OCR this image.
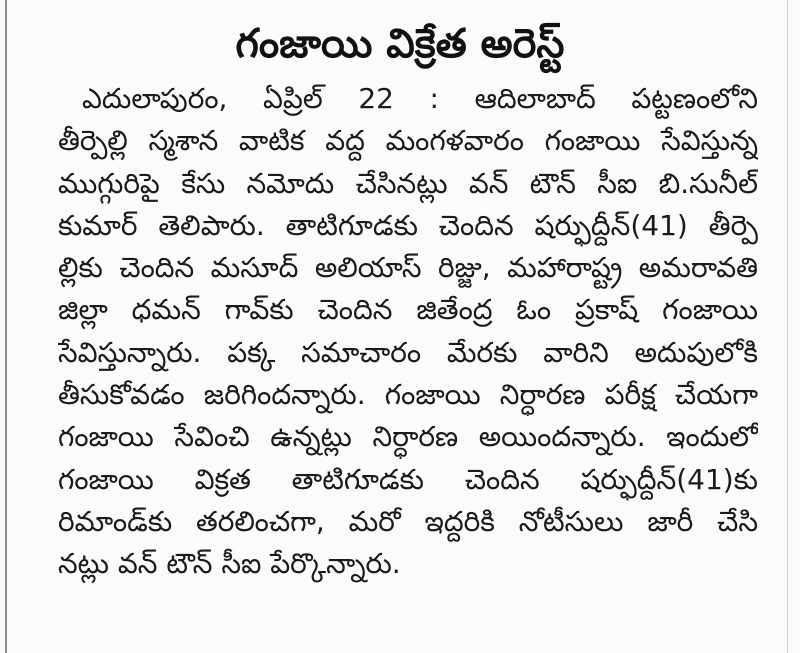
గంజాయి విక్రేత అరెస్ట్
ఎదులాపురం, ఏప్రిల్ 22 : ఆదిలాబాద్ పట్టణంలోని
తీర్పెల్లి స్మశాన వాటిక వద్ద మంగళవారం గంజాయి సేవిస్తున్న
ముగ్గురిపై కేసు నమోదు చేసినట్లు వన్ టౌన్ సీఐ బి.సునీల్
కుమార్ తెలిపారు. తాటిగూడకు చెందిన షర్ఫుద్దీన్(41) తీర్పె
ల్లికు చెందిన మసూద్ అలియాస్ రిజ్జు, మహారాష్ట్ర అమరావతి
జిల్లా ధమన్ గావ్‌కు చెందిన జితేంద్ర ఓం ప్రకాష్ గంజాయి
సేవిస్తున్నారు. పక్క సమాచారం మేరకు వారిని అదుపులోకి
తీసుకోవడం జరిగిందన్నారు. గంజాయి నిర్ధారణ పరీక్ష చేయగా
గంజాయి సేవించి ఉన్నట్లు నిర్ధారణ అయిందన్నారు. ఇందులో
గంజాయి విక్రత తాటిగూడకు చెందిన షర్ఫుద్దీన్(41)కు
రిమాండ్‌కు తరలించగా, మరో ఇద్దరికి నోటీసులు జారీ చేసి
నట్లు వన్ టౌన్ సీఐ పేర్కొన్నారు.
